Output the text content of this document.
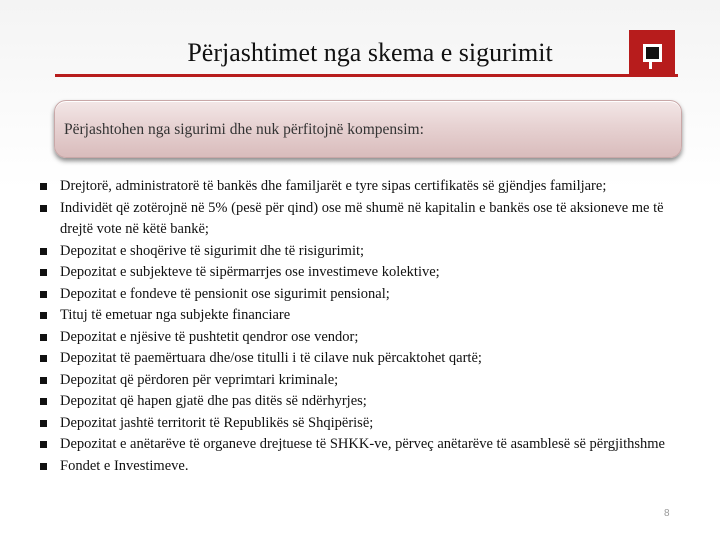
Përjashtimet nga skema e sigurimit
Përjashtohen nga sigurimi dhe nuk përfitojnë kompensim:
Drejtorë, administratorë të bankës dhe familjarët e tyre sipas certifikatës së gjëndjes familjare;
Individët që zotërojnë në 5% (pesë për qind) ose më shumë në kapitalin e bankës ose të aksioneve me të drejtë vote në këtë bankë;
Depozitat e shoqërive të sigurimit dhe të risigurimit;
Depozitat e subjekteve të sipërmarrjes ose investimeve kolektive;
Depozitat e fondeve të pensionit ose sigurimit pensional;
Tituj të emetuar nga subjekte financiare
Depozitat e njësive të pushtetit qendror ose vendor;
Depozitat të paemërtuara dhe/ose titulli i të cilave nuk përcaktohet qartë;
Depozitat që përdoren për veprimtari kriminale;
Depozitat që hapen gjatë dhe pas ditës së ndërhyrjes;
Depozitat jashtë territorit të Republikës së Shqipërisë;
Depozitat e anëtarëve të organeve drejtuese të SHKK-ve, përveç anëtarëve të asamblesë së përgjithshme
Fondet e Investimeve.
8
